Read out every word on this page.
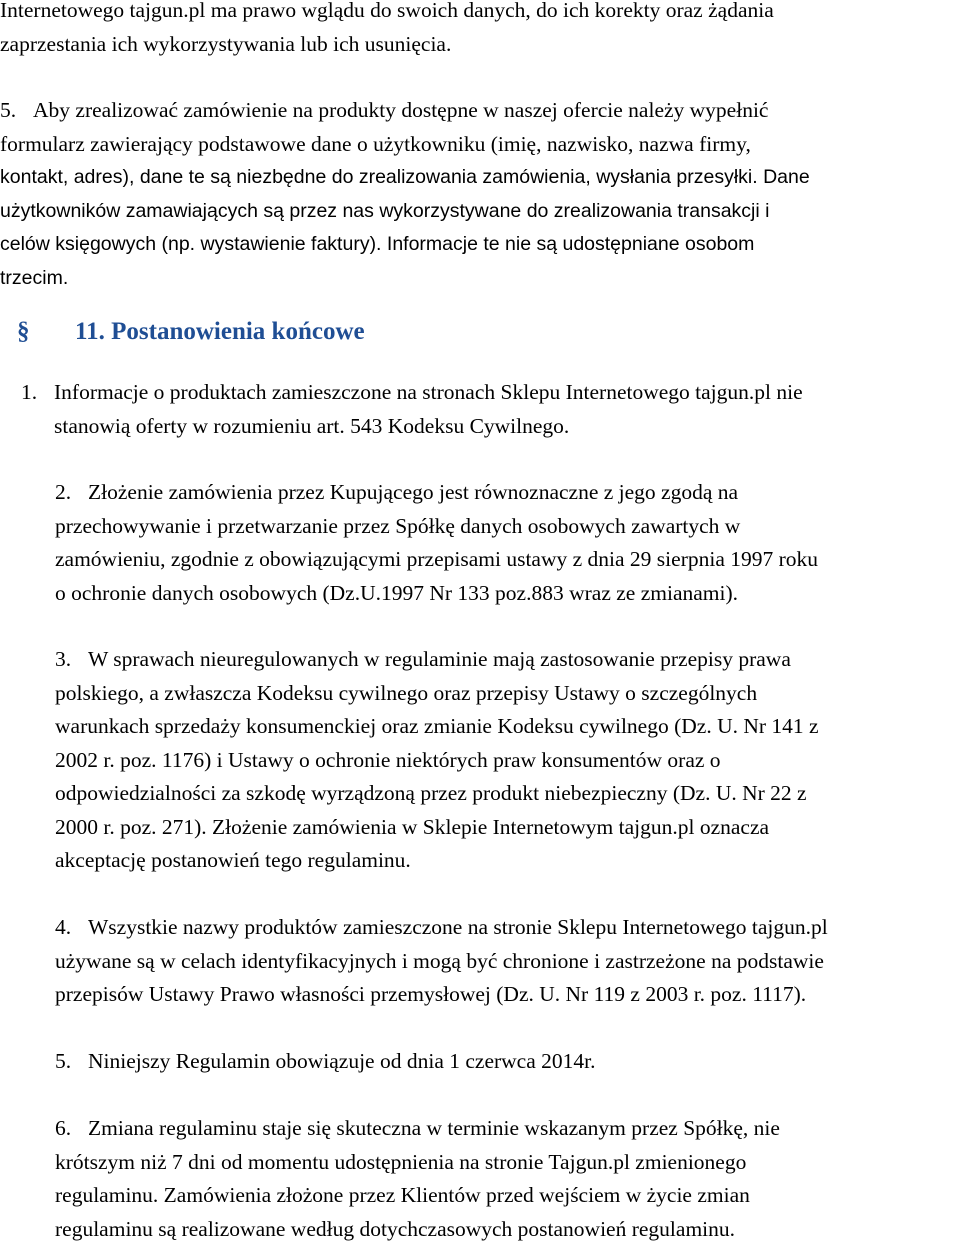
Internetowego tajgun.pl ma prawo wglądu do swoich danych, do ich korekty oraz żądania
zaprzestania ich wykorzystywania lub ich usunięcia.
5. Aby zrealizować zamówienie na produkty dostępne w naszej ofercie należy wypełnić
formularz zawierający podstawowe dane o użytkowniku (imię, nazwisko, nazwa firmy,
kontakt, adres), dane te są niezbędne do zrealizowania zamówienia, wysłania przesyłki. Dane
użytkowników zamawiających są przez nas wykorzystywane do zrealizowania transakcji i
celów księgowych (np. wystawienie faktury). Informacje te nie są udostępniane osobom
trzecim.
§ 11. Postanowienia końcowe
1. Informacje o produktach zamieszczone na stronach Sklepu Internetowego tajgun.pl nie
stanowią oferty w rozumieniu art. 543 Kodeksu Cywilnego.
2. Złożenie zamówienia przez Kupującego jest równoznaczne z jego zgodą na
przechowywanie i przetwarzanie przez Spółkę danych osobowych zawartych w
zamówieniu, zgodnie z obowiązującymi przepisami ustawy z dnia 29 sierpnia 1997 roku
o ochronie danych osobowych (Dz.U.1997 Nr 133 poz.883 wraz ze zmianami).
3. W sprawach nieuregulowanych w regulaminie mają zastosowanie przepisy prawa
polskiego, a zwłaszcza Kodeksu cywilnego oraz przepisy Ustawy o szczególnych
warunkach sprzedaży konsumenckiej oraz zmianie Kodeksu cywilnego (Dz. U. Nr 141 z
2002 r. poz. 1176) i Ustawy o ochronie niektórych praw konsumentów oraz o
odpowiedzialności za szkodę wyrządzoną przez produkt niebezpieczny (Dz. U. Nr 22 z
2000 r. poz. 271). Złożenie zamówienia w Sklepie Internetowym tajgun.pl oznacza
akceptację postanowień tego regulaminu.
4. Wszystkie nazwy produktów zamieszczone na stronie Sklepu Internetowego tajgun.pl
używane są w celach identyfikacyjnych i mogą być chronione i zastrzeżone na podstawie
przepisów Ustawy Prawo własności przemysłowej (Dz. U. Nr 119 z 2003 r. poz. 1117).
5. Niniejszy Regulamin obowiązuje od dnia 1 czerwca 2014r.
6. Zmiana regulaminu staje się skuteczna w terminie wskazanym przez Spółkę, nie
krótszym niż 7 dni od momentu udostępnienia na stronie Tajgun.pl zmienionego
regulaminu. Zamówienia złożone przez Klientów przed wejściem w życie zmian
regulaminu są realizowane według dotychczasowych postanowień regulaminu.
